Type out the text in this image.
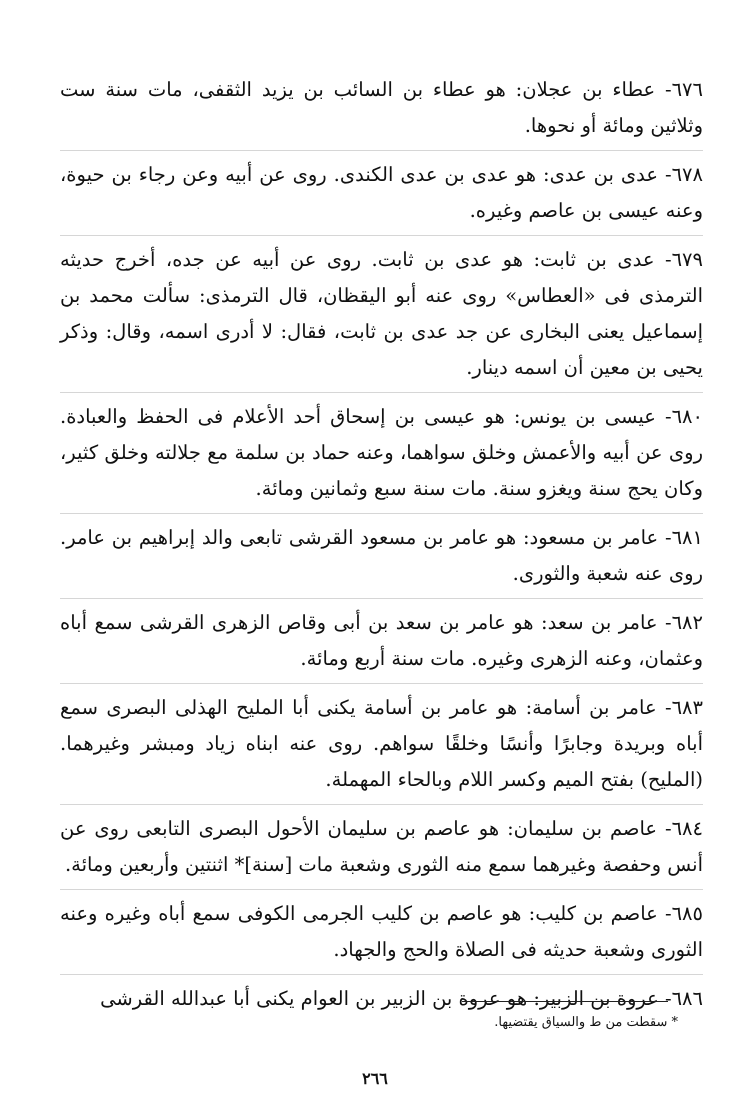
٦٧٦- عطاء بن عجلان: هو عطاء بن السائب بن يزيد الثقفى، مات سنة ست وثلاثين ومائة أو نحوها.

٦٧٨- عدى بن عدى: هو عدى بن عدى الكندى. روى عن أبيه وعن رجاء بن حيوة، وعنه عيسى بن عاصم وغيره.

٦٧٩- عدى بن ثابت: هو عدى بن ثابت. روى عن أبيه عن جده، أخرج حديثه الترمذى فى «العطاس» روى عنه أبو اليقظان، قال الترمذى: سألت محمد بن إسماعيل يعنى البخارى عن جد عدى بن ثابت، فقال: لا أدرى اسمه، وقال: وذكر يحيى بن معين أن اسمه دينار.

٦٨٠- عيسى بن يونس: هو عيسى بن إسحاق أحد الأعلام فى الحفظ والعبادة. روى عن أبيه والأعمش وخلق سواهما، وعنه حماد بن سلمة مع جلالته وخلق كثير، وكان يحج سنة ويغزو سنة. مات سنة سبع وثمانين ومائة.

٦٨١- عامر بن مسعود: هو عامر بن مسعود القرشى تابعى والد إبراهيم بن عامر. روى عنه شعبة والثورى.

٦٨٢- عامر بن سعد: هو عامر بن سعد بن أبى وقاص الزهرى القرشى سمع أباه وعثمان، وعنه الزهرى وغيره. مات سنة أربع ومائة.

٦٨٣- عامر بن أسامة: هو عامر بن أسامة يكنى أبا المليح الهذلى البصرى سمع أباه وبريدة وجابرًا وأنسًا وخلقًا سواهم. روى عنه ابناه زياد ومبشر وغيرهما. (المليح) بفتح الميم وكسر اللام وبالحاء المهملة.

٦٨٤- عاصم بن سليمان: هو عاصم بن سليمان الأحول البصرى التابعى روى عن أنس وحفصة وغيرهما سمع منه الثورى وشعبة مات [سنة]* اثنتين وأربعين ومائة.

٦٨٥- عاصم بن كليب: هو عاصم بن كليب الجرمى الكوفى سمع أباه وغيره وعنه الثورى وشعبة حديثه فى الصلاة والحج والجهاد.

٦٨٦- عروة بن الزبير: هو عروة بن الزبير بن العوام يكنى أبا عبدالله القرشى

* سقطت من ط والسياق يقتضيها.
٢٦٦
